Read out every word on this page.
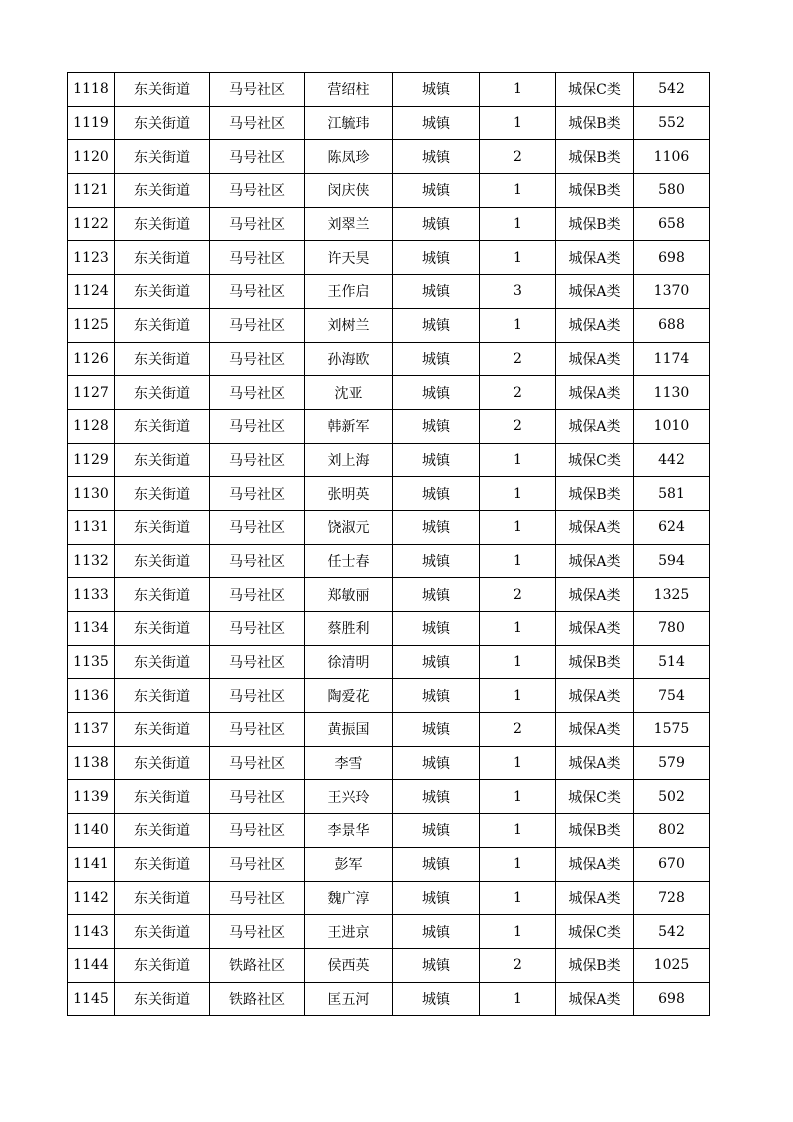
1118	东关街道	马号社区	营绍柱	城镇	1	城保C类	542
1119	东关街道	马号社区	江毓玮	城镇	1	城保B类	552
1120	东关街道	马号社区	陈凤珍	城镇	2	城保B类	1106
1121	东关街道	马号社区	闵庆侠	城镇	1	城保B类	580
1122	东关街道	马号社区	刘翠兰	城镇	1	城保B类	658
1123	东关街道	马号社区	许天昊	城镇	1	城保A类	698
1124	东关街道	马号社区	王作启	城镇	3	城保A类	1370
1125	东关街道	马号社区	刘树兰	城镇	1	城保A类	688
1126	东关街道	马号社区	孙海欧	城镇	2	城保A类	1174
1127	东关街道	马号社区	沈亚	城镇	2	城保A类	1130
1128	东关街道	马号社区	韩新军	城镇	2	城保A类	1010
1129	东关街道	马号社区	刘上海	城镇	1	城保C类	442
1130	东关街道	马号社区	张明英	城镇	1	城保B类	581
1131	东关街道	马号社区	饶淑元	城镇	1	城保A类	624
1132	东关街道	马号社区	任士春	城镇	1	城保A类	594
1133	东关街道	马号社区	郑敏丽	城镇	2	城保A类	1325
1134	东关街道	马号社区	蔡胜利	城镇	1	城保A类	780
1135	东关街道	马号社区	徐清明	城镇	1	城保B类	514
1136	东关街道	马号社区	陶爱花	城镇	1	城保A类	754
1137	东关街道	马号社区	黄振国	城镇	2	城保A类	1575
1138	东关街道	马号社区	李雪	城镇	1	城保A类	579
1139	东关街道	马号社区	王兴玲	城镇	1	城保C类	502
1140	东关街道	马号社区	李景华	城镇	1	城保B类	802
1141	东关街道	马号社区	彭军	城镇	1	城保A类	670
1142	东关街道	马号社区	魏广淳	城镇	1	城保A类	728
1143	东关街道	马号社区	王进京	城镇	1	城保C类	542
1144	东关街道	铁路社区	侯西英	城镇	2	城保B类	1025
1145	东关街道	铁路社区	匡五河	城镇	1	城保A类	698
